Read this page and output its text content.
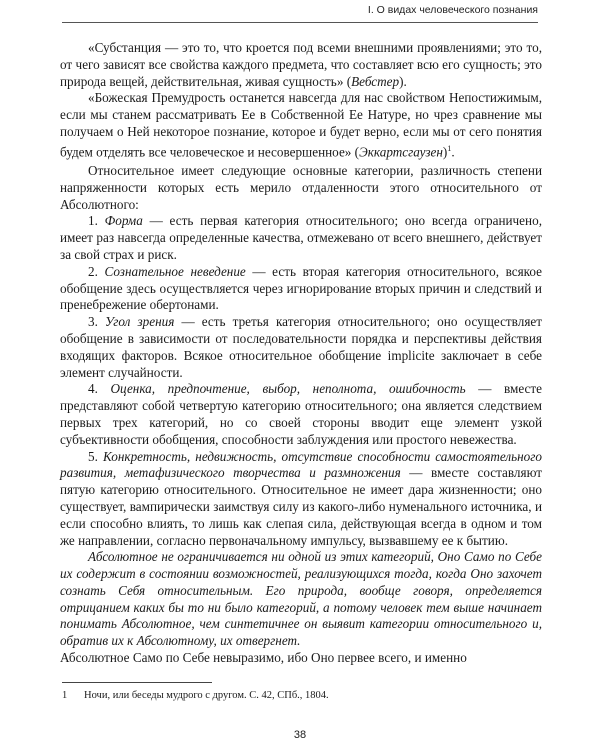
I. О видах человеческого познания

«Субстанция — это то, что кроется под всеми внешними проявлениями; это то, от чего зависят все свойства каждого предмета, что составляет всю его сущность; это природа вещей, действительная, живая сущность» (Вебстер).

«Божеская Премудрость останется навсегда для нас свойством Непостижимым, если мы станем рассматривать Ее в Собственной Ее Натуре, но чрез сравнение мы получаем о Ней некоторое познание, которое и будет верно, если мы от сего понятия будем отделять все человеческое и несовершенное» (Эккартсгаузен)$^1$.

Относительное имеет следующие основные категории, различность степени напряженности которых есть мерило отдаленности этого относительного от Абсолютного:

1. Форма — есть первая категория относительного; оно всегда ограничено, имеет раз навсегда определенные качества, отмежевано от всего внешнего, действует за свой страх и риск.

2. Сознательное неведение — есть вторая категория относительного, всякое обобщение здесь осуществляется через игнорирование вторых причин и следствий и пренебрежение обертонами.

3. Угол зрения — есть третья категория относительного; оно осуществляет обобщение в зависимости от последовательности порядка и перспективы действия входящих факторов. Всякое относительное обобщение implicite заключает в себе элемент случайности.

4. Оценка, предпочтение, выбор, неполнота, ошибочность — вместе представляют собой четвертую категорию относительного; она является следствием первых трех категорий, но со своей стороны вводит еще элемент узкой субъективности обобщения, способности заблуждения или простого невежества.

5. Конкретность, недвижность, отсутствие способности самостоятельного развития, метафизического творчества и размножения — вместе составляют пятую категорию относительного. Относительное не имеет дара жизненности; оно существует, вампирически заимствуя силу из какого-либо нуменального источника, и если способно влиять, то лишь как слепая сила, действующая всегда в одном и том же направлении, согласно первоначальному импульсу, вызвавшему ее к бытию.

Абсолютное не ограничивается ни одной из этих категорий, Оно Само по Себе их содержит в состоянии возможностей, реализующихся тогда, когда Оно захочет сознать Себя относительным. Его природа, вообще говоря, определяется отрицанием каких бы то ни было категорий, а потому человек тем выше начинает понимать Абсолютное, чем синтетичнее он выявит категории относительного и, обратив их к Абсолютному, их отвергнет.

Абсолютное Само по Себе невыразимо, ибо Оно первее всего, и именно

1 Ночи, или беседы мудрого с другом. С. 42, СПб., 1804.
38
